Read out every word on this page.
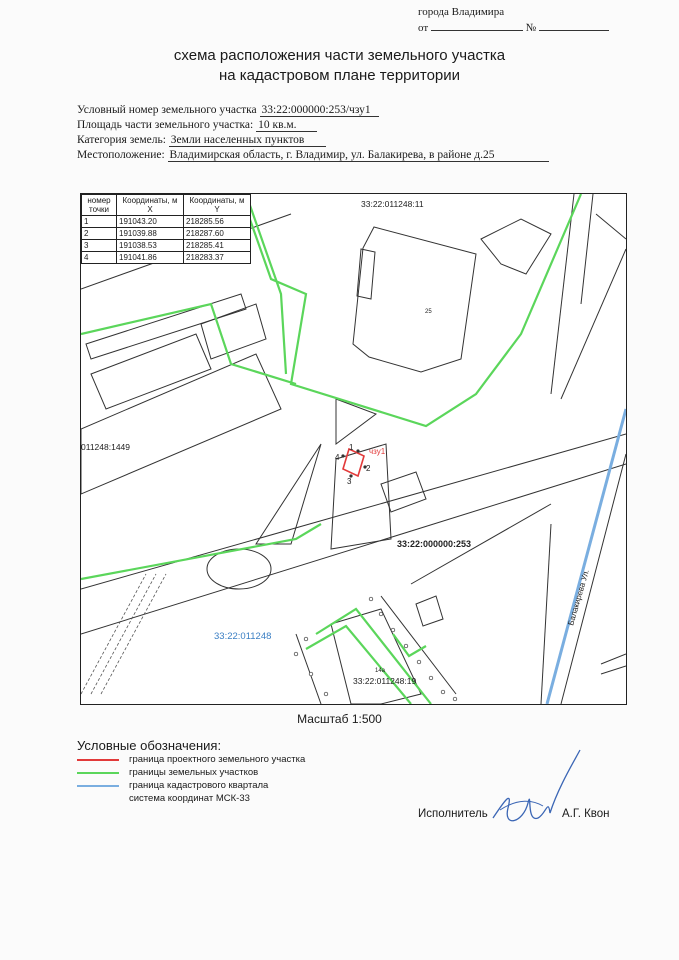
города Владимира
от	№
схема расположения части земельного участка
на кадастровом плане территории
Условный номер земельного участка 33:22:000000:253/чзу1
Площадь части земельного участка: 10 кв.м.
Категория земель: Земли населенных пунктов
Местоположение: Владимирская область, г. Владимир, ул. Балакирева, в районе д.25
33:22:011248:11
25
011248:1449	чзу1
1
2
3
4
33:22:000000:253
33:22:011248
Балакирева Ул.
14а
33:22:011248:19
номер точки	Координаты, м X	Координаты, м Y
1	191043.20	218285.56
2	191039.88	218287.60
3	191038.53	218285.41
4	191041.86	218283.37
Масштаб 1:500
Условные обозначения:
граница проектного земельного участка
границы земельных участков
граница кадастрового квартала
система координат МСК-33
Исполнитель	А.Г. Квон
